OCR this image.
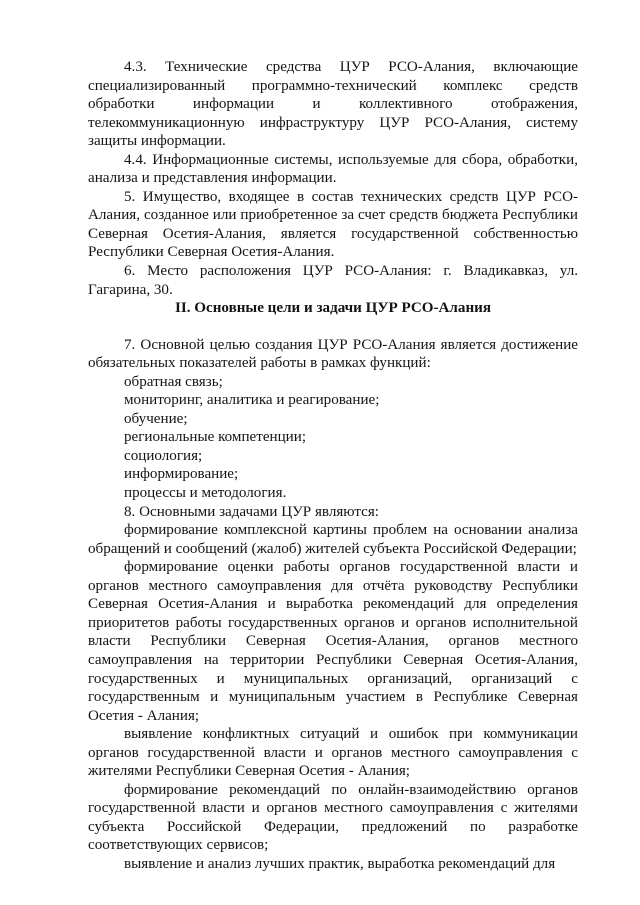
4.3. Технические средства ЦУР РСО-Алания, включающие специализированный программно-технический комплекс средств обработки информации и коллективного отображения, телекоммуникационную инфраструктуру ЦУР РСО-Алания, систему защиты информации.

4.4. Информационные системы, используемые для сбора, обработки, анализа и представления информации.

5. Имущество, входящее в состав технических средств ЦУР РСО-Алания, созданное или приобретенное за счет средств бюджета Республики Северная Осетия-Алания, является государственной собственностью Республики Северная Осетия-Алания.

6. Место расположения ЦУР РСО-Алания: г. Владикавказ, ул. Гагарина, 30.

II. Основные цели и задачи ЦУР РСО-Алания

7. Основной целью создания ЦУР РСО-Алания является достижение обязательных показателей работы в рамках функций:

обратная связь;

мониторинг, аналитика и реагирование;

обучение;

региональные компетенции;

социология;

информирование;

процессы и методология.

8. Основными задачами ЦУР являются:

формирование комплексной картины проблем на основании анализа обращений и сообщений (жалоб) жителей субъекта Российской Федерации;

формирование оценки работы органов государственной власти и органов местного самоуправления для отчёта руководству Республики Северная Осетия-Алания и выработка рекомендаций для определения приоритетов работы государственных органов и органов исполнительной власти Республики Северная Осетия-Алания, органов местного самоуправления на территории Республики Северная Осетия-Алания, государственных и муниципальных организаций, организаций с государственным и муниципальным участием в Республике Северная Осетия - Алания;

выявление конфликтных ситуаций и ошибок при коммуникации органов государственной власти и органов местного самоуправления с жителями Республики Северная Осетия - Алания;

формирование рекомендаций по онлайн-взаимодействию органов государственной власти и органов местного самоуправления с жителями субъекта Российской Федерации, предложений по разработке соответствующих сервисов;

выявление и анализ лучших практик, выработка рекомендаций для
